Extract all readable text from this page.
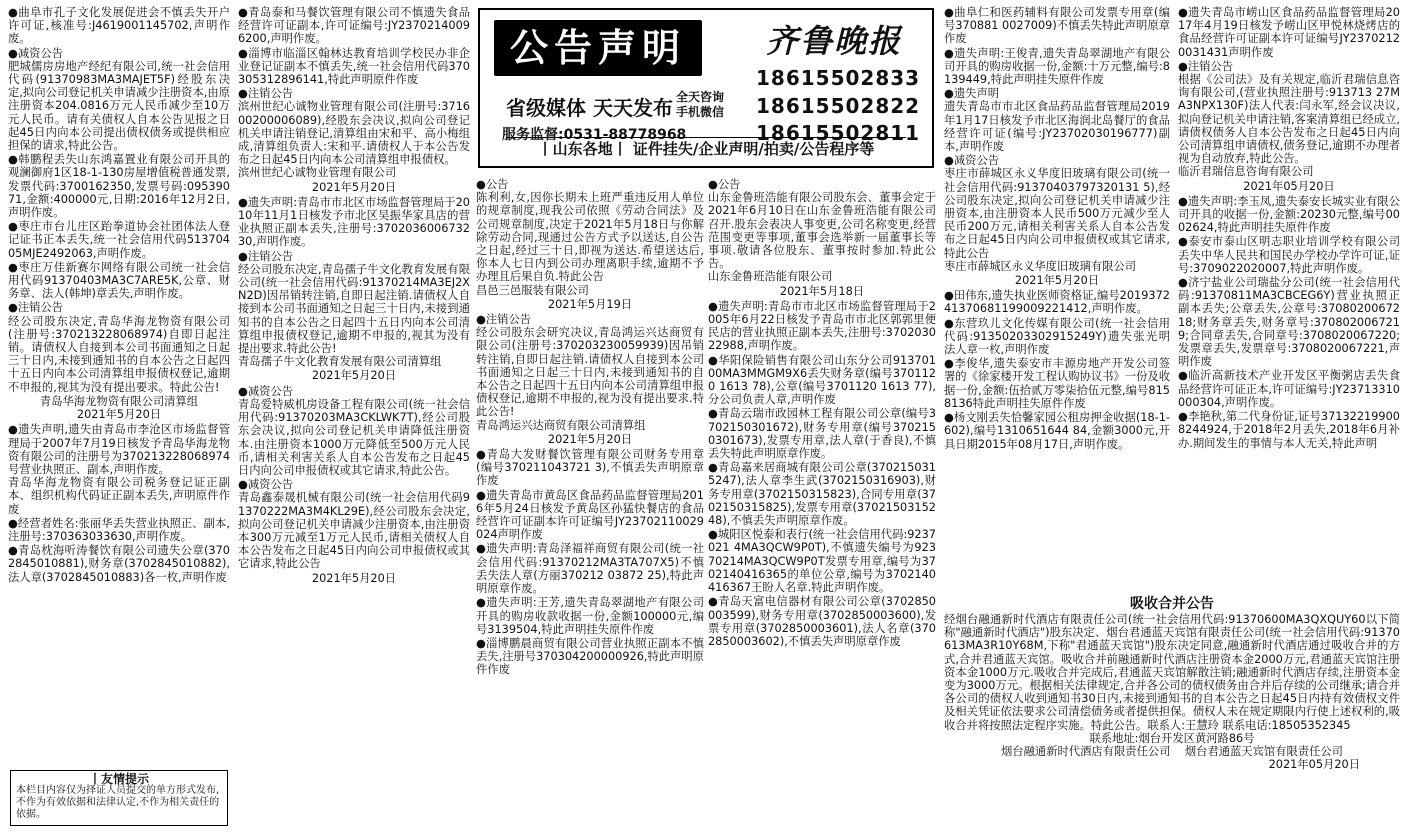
公告声明	齐鲁晚报
省级媒体 天天发布 全天咨询
手机微信
服务监督:0531-88778968
18615502833
18615502822
18615502811
丨山东各地丨 证件挂失/企业声明/拍卖/公告程序等

●曲阜市孔子文化发展促进会不慎丢失开户许可证,核准号:J4619001145702,声明作废。

●减资公告
肥城儒房房地产经纪有限公司,统一社会信用代码(91370983MA3MAJET5F)经股东决定,拟向公司登记机关申请减少注册资本,由原注册资本204.0816万元人民币减少至10万元人民币。请有关债权人自本公告见报之日起45日内向本公司提出债权债务或提供相应担保的请求,特此公告。

●韩鹏程丢失山东鸿嘉置业有限公司开具的观澜御府1区18-1-130房屋增值税普通发票,发票代码:3700162350,发票号码:09539071,金额:400000元,日期:2016年12月2日,声明作废。

●枣庄市台儿庄区跆拳道协会社团体法人登记证书正本丢失,统一社会信用代码51370405MJE2492063,声明作废。

●枣庄万佳新赛尔网络有限公司统一社会信用代码91370403MA3C7ARE5K,公章、财务章、法人(韩坤)章丢失,声明作废。

●注销公告
经公司股东决定,青岛华海龙物资有限公司(注册号:370213228068974)自即日起注销。请债权人自接到本公司书面通知之日起三十日内,未接到通知书的自本公告之日起四十五日内向本公司清算组申报债权登记,逾期不申报的,视其为没有提出要求。特此公告!

青岛华海龙物资有限公司清算组
2021年5月20日

●遗失声明,遗失由青岛市李沧区市场监督管理局于2007年7月19日核发予青岛华海龙物资有限公司的注册号为370213228068974号营业执照正、副本,声明作废。
青岛华海龙物资有限公司税务登记证正副本、组织机构代码证正副本丢失,声明原件作废

●经营者姓名:张丽华丢失营业执照正、副本,注册号:370363033630,声明作废。

●青岛枕海听涛餐饮有限公司遗失公章(3702845010881),财务章(3702845010882),法人章(3702845010883)各一枚,声明作废

丨友情提示
本栏目内容仅为择证人员提交的单方形式发布,不作为有效依据和法律认定,不作为相关责任的依据。

●青岛泰和马餐饮管理有限公司不慎遗失食品经营许可证副本,许可证编号:JY23702140096200,声明作废。

●淄博市临淄区翰林达教育培训学校民办非企业登记证副本不慎丢失,统一社会信用代码370305312896141,特此声明原件作废

●注销公告
滨州世纪心诚物业管理有限公司(注册号:371600200006089),经股东会决议,拟向公司登记机关申请注销登记,清算组由宋和平、高小梅组成,清算组负责人:宋和平.请债权人于本公告发布之日起45日内向本公司清算组申报债权。
滨州世纪心诚物业管理有限公司

2021年5月20日

●遗失声明:青岛市市北区市场监督管理局于2010年11月1日核发予市北区吴振华家具店的营业执照正副本丢失,注册号:370203600673230,声明作废。

●注销公告
经公司股东决定,青岛孺子牛文化教育发展有限公司(统一社会信用代码:91370214MA3EJ2XN2D)因吊销转注销,自即日起注销.请债权人自接到本公司书面通知之日起三十日内,未接到通知书的自本公告之日起四十五日内向本公司清算组申报债权登记,逾期不申报的,视其为没有提出要求.特此公告!
青岛孺子牛文化教育发展有限公司清算组

2021年5月20日

●减资公告
青岛爱特威机房设备工程有限公司(统一社会信用代码:91370203MA3CKLWK7T),经公司股东会决议,拟向公司登记机关申请降低注册资本.由注册资本1000万元降低至500万元人民币,请相关利害关系人自本公告发布之日起45日内向公司申报债权或其它请求,特此公告。

●减资公告
青岛鑫泰晟机械有限公司(统一社会信用代码91370222MA3M4KL29E),经公司股东会决定,拟向公司登记机关申请减少注册资本,由注册资本300万元减至1万元人民币,请相关债权人自本公告发布之日起45日内向公司申报债权或其它请求,特此公告

2021年5月20日

●公告
陈利利,女,因你长期未上班严重违反用人单位的规章制度,现我公司依照《劳动合同法》及公司规章制度,决定于2021年5月18日与你解除劳动合同,现通过公告方式予以送达,自公告之日起,经过三十日,即视为送达.希望送达后,你本人七日内到公司办理离职手续,逾期不予办理且后果自负.特此公告
昌邑三邑服装有限公司

2021年5月19日

●注销公告
经公司股东会研究决议,青岛鸿运兴达商贸有限公司(注册号:370203230059939)因吊销转注销,自即日起注销.请债权人自接到本公司书面通知之日起三十日内,未接到通知书的自本公告之日起四十五日内向本公司清算组申报债权登记,逾期不申报的,视为没有提出要求.特此公告!
青岛鸿运兴达商贸有限公司清算组

2021年5月20日

●青岛大发财餐饮管理有限公司财务专用章(编号370211043721 3),不慎丢失声明原章作废

●遗失青岛市黄岛区食品药品监督管理局2016年5月24日核发予黄岛区孙猛快餐店的食品经营许可证副本许可证编号JY23702110029024声明作废

●遗失声明:青岛泽福祥商贸有限公司(统一社会信用代码:91370212MA3TA707X5)不慎丢失法人章(方丽370212 03872 25),特此声明原章作废。

●遗失声明:王芳,遗失青岛翠湖地产有限公司开具的购房收款收据一份,金额100000元,编号3139504,特此声明挂失原件作废

●淄博鹏晨商贸有限公司营业执照正副本不慎丢失,注册号370304200000926,特此声明原件作废

●公告
山东金鲁班浩能有限公司股东会、董事会定于2021年6月10日在山东金鲁班浩能有限公司召开.股东会表决人事变更,公司名称变更,经营范围变更等事项,董事会选举新一届董事长等事项.敬请各位股东、董事按时参加.特此公告。
山东金鲁班浩能有限公司

2021年5月18日

●遗失声明:青岛市市北区市场监督管理局于2005年6月22日核发予青岛市市北区郭郭里便民店的营业执照正副本丢失,注册号:370203022988,声明作废。

●华阳保险销售有限公司山东分公司91370100MA3MMGM9X6丢失财务章(编号3701120 1613 78),公章(编号3701120 1613 77),分公司负责人章,声明作废

●青岛云瑞市政园林工程有限公司公章(编号3702150301672),财务专用章(编号3702150301673),发票专用章,法人章(于香良),不慎丢失特此声明原章作废。

●青岛嘉来居商城有限公司公章(3702150315247),法人章李生武(3702150316903),财务专用章(3702150315823),合同专用章(3702150315825),发票专用章(3702150315248),不慎丢失声明原章作废。

●城阳区悦泰和表行(统一社会信用代码:9237021 4MA3QCW9P0T),不慎遗失编号为92370214MA3QCW9P0T发票专用章,编号为3702140416365的单位公章,编号为3702140416367王盼人名章.特此声明作废。

●青岛天富电信器材有限公司公章(3702850003599),财务专用章(3702850003600),发票专用章(3702850003601),法人名章(3702850003602),不慎丢失声明原章作废

●曲阜仁和医药辅料有限公司发票专用章(编号370881 0027009)不慎丢失特此声明原章作废

●遗失声明:王俊青,遗失青岛翠湖地产有限公司开具的购房收据一份,金额:十万元整,编号:8139449,特此声明挂失原件作废

●遗失声明
遗失青岛市市北区食品药品监督管理局2019年1月17日核发予市北区海润北岛餐厅的食品经营许可证(编号:JY23702030196777)副本,声明作废

●减资公告
枣庄市薛城区永义华度旧玻璃有限公司(统一社会信用代码:91370403797320131 5),经公司股东决定,拟向公司登记机关申请减少注册资本,由注册资本人民币500万元减少至人民币200万元,请相关利害关系人自本公告发布之日起45日内向公司申报债权或其它请求,特此公告
枣庄市薛城区永义华度旧玻璃有限公司

2021年5月20日

●田伟东,遗失执业医师资格证,编号201937241370681199009221412,声明作废。

●东营玖儿文化传媒有限公司(统一社会信用代码:91350203302915249Y)遗失张光明法人章一枚,声明作废

●李俊华,遗失泰安市丰源房地产开发公司签署的《徐家楼开发工程认购协议书》一份及收据一份,金额:伍拾贰万零柒拾伍元整,编号8158136特此声明挂失原件作废

●杨文刚丢失恰馨家园公租房押金收据(18-1-602),编号1310651644 84,金额3000元,开具日期2015年08月17日,声明作废。

●遗失青岛市崂山区食品药品监督管理局2017年4月19日核发予崂山区甲悦林烧烤店的食品经营许可证副本许可证编号JY23702120031431声明作废

●注销公告
根据《公司法》及有关规定,临沂君瑞信息咨询有限公司,(营业执照注册号:913713 27MA3NPX130F)法人代表:闫永军,经会议决议,拟向登记机关申请注销,客案清算组已经成立,请债权债务人自本公告发布之日起45日内向公司清算组申请债权,债务登记,逾期不办理者视为自动放弃,特此公告。
临沂君瑞信息咨询有限公司

2021年05月20日

●遗失声明:李玉凤,遗失泰安长城实业有限公司开具的收据一份,金额:20230元整,编号0002624,特此声明挂失原件作废

●泰安市泰山区明志职业培训学校有限公司丢失中华人民共和国民办学校办学许可证,证号:3709022020007,特此声明作废。

●济宁盐业公司瑞盐分公司(统一社会信用代码:91370811MA3CBCEG6Y)营业执照正副本丢失;公章丢失,公章号:37080200672 18;财务章丢失,财务章号:3708020067219;合同章丢失,合同章号:3708020067220;发票章丢失,发票章号:3708020067221,声明作废

●临沂高新技术产业开发区平衡粥店丢失食品经营许可证正本,许可证编号:JY23713310000304,声明作废。

●李艳秋,第二代身份证,证号371322199008244924,于2018年2月丢失,2018年6月补办.期间发生的事情与本人无关,特此声明

吸收合并公告

经烟台融通新时代酒店有限责任公司(统一社会信用代码:91370600MA3QXQUY60以下简称"融通新时代酒店")股东决定、烟台君通蓝天宾馆有限责任公司(统一社会信用代码:91370613MA3R10Y68M,下称"君通蓝天宾馆")股东决定同意,融通新时代酒店通过吸收合并的方式,合并君通蓝天宾馆。吸收合并前融通新时代酒店注册资本金2000万元,君通蓝天宾馆注册资本金1000万元.吸收合并完成后,君通蓝天宾馆解散注销;融通新时代酒店存续,注册资本金变为3000万元。根据相关法律规定,合并各公司的债权债务由合并后存续的公司继承;请合并各公司的债权人收到通知书30日内,未接到通知书的自本公告之日起45日内持有效债权文件及相关凭证依法要求公司清偿债务或者提供担保。债权人未在规定期限内行使上述权利的,吸收合并将按照法定程序实施。特此公告。联系人:王慧玲 联系电话:18505352345

联系地址:烟台开发区黄河路86号
烟台融通新时代酒店有限责任公司    烟台君通蓝天宾馆有限责任公司
2021年05月20日
